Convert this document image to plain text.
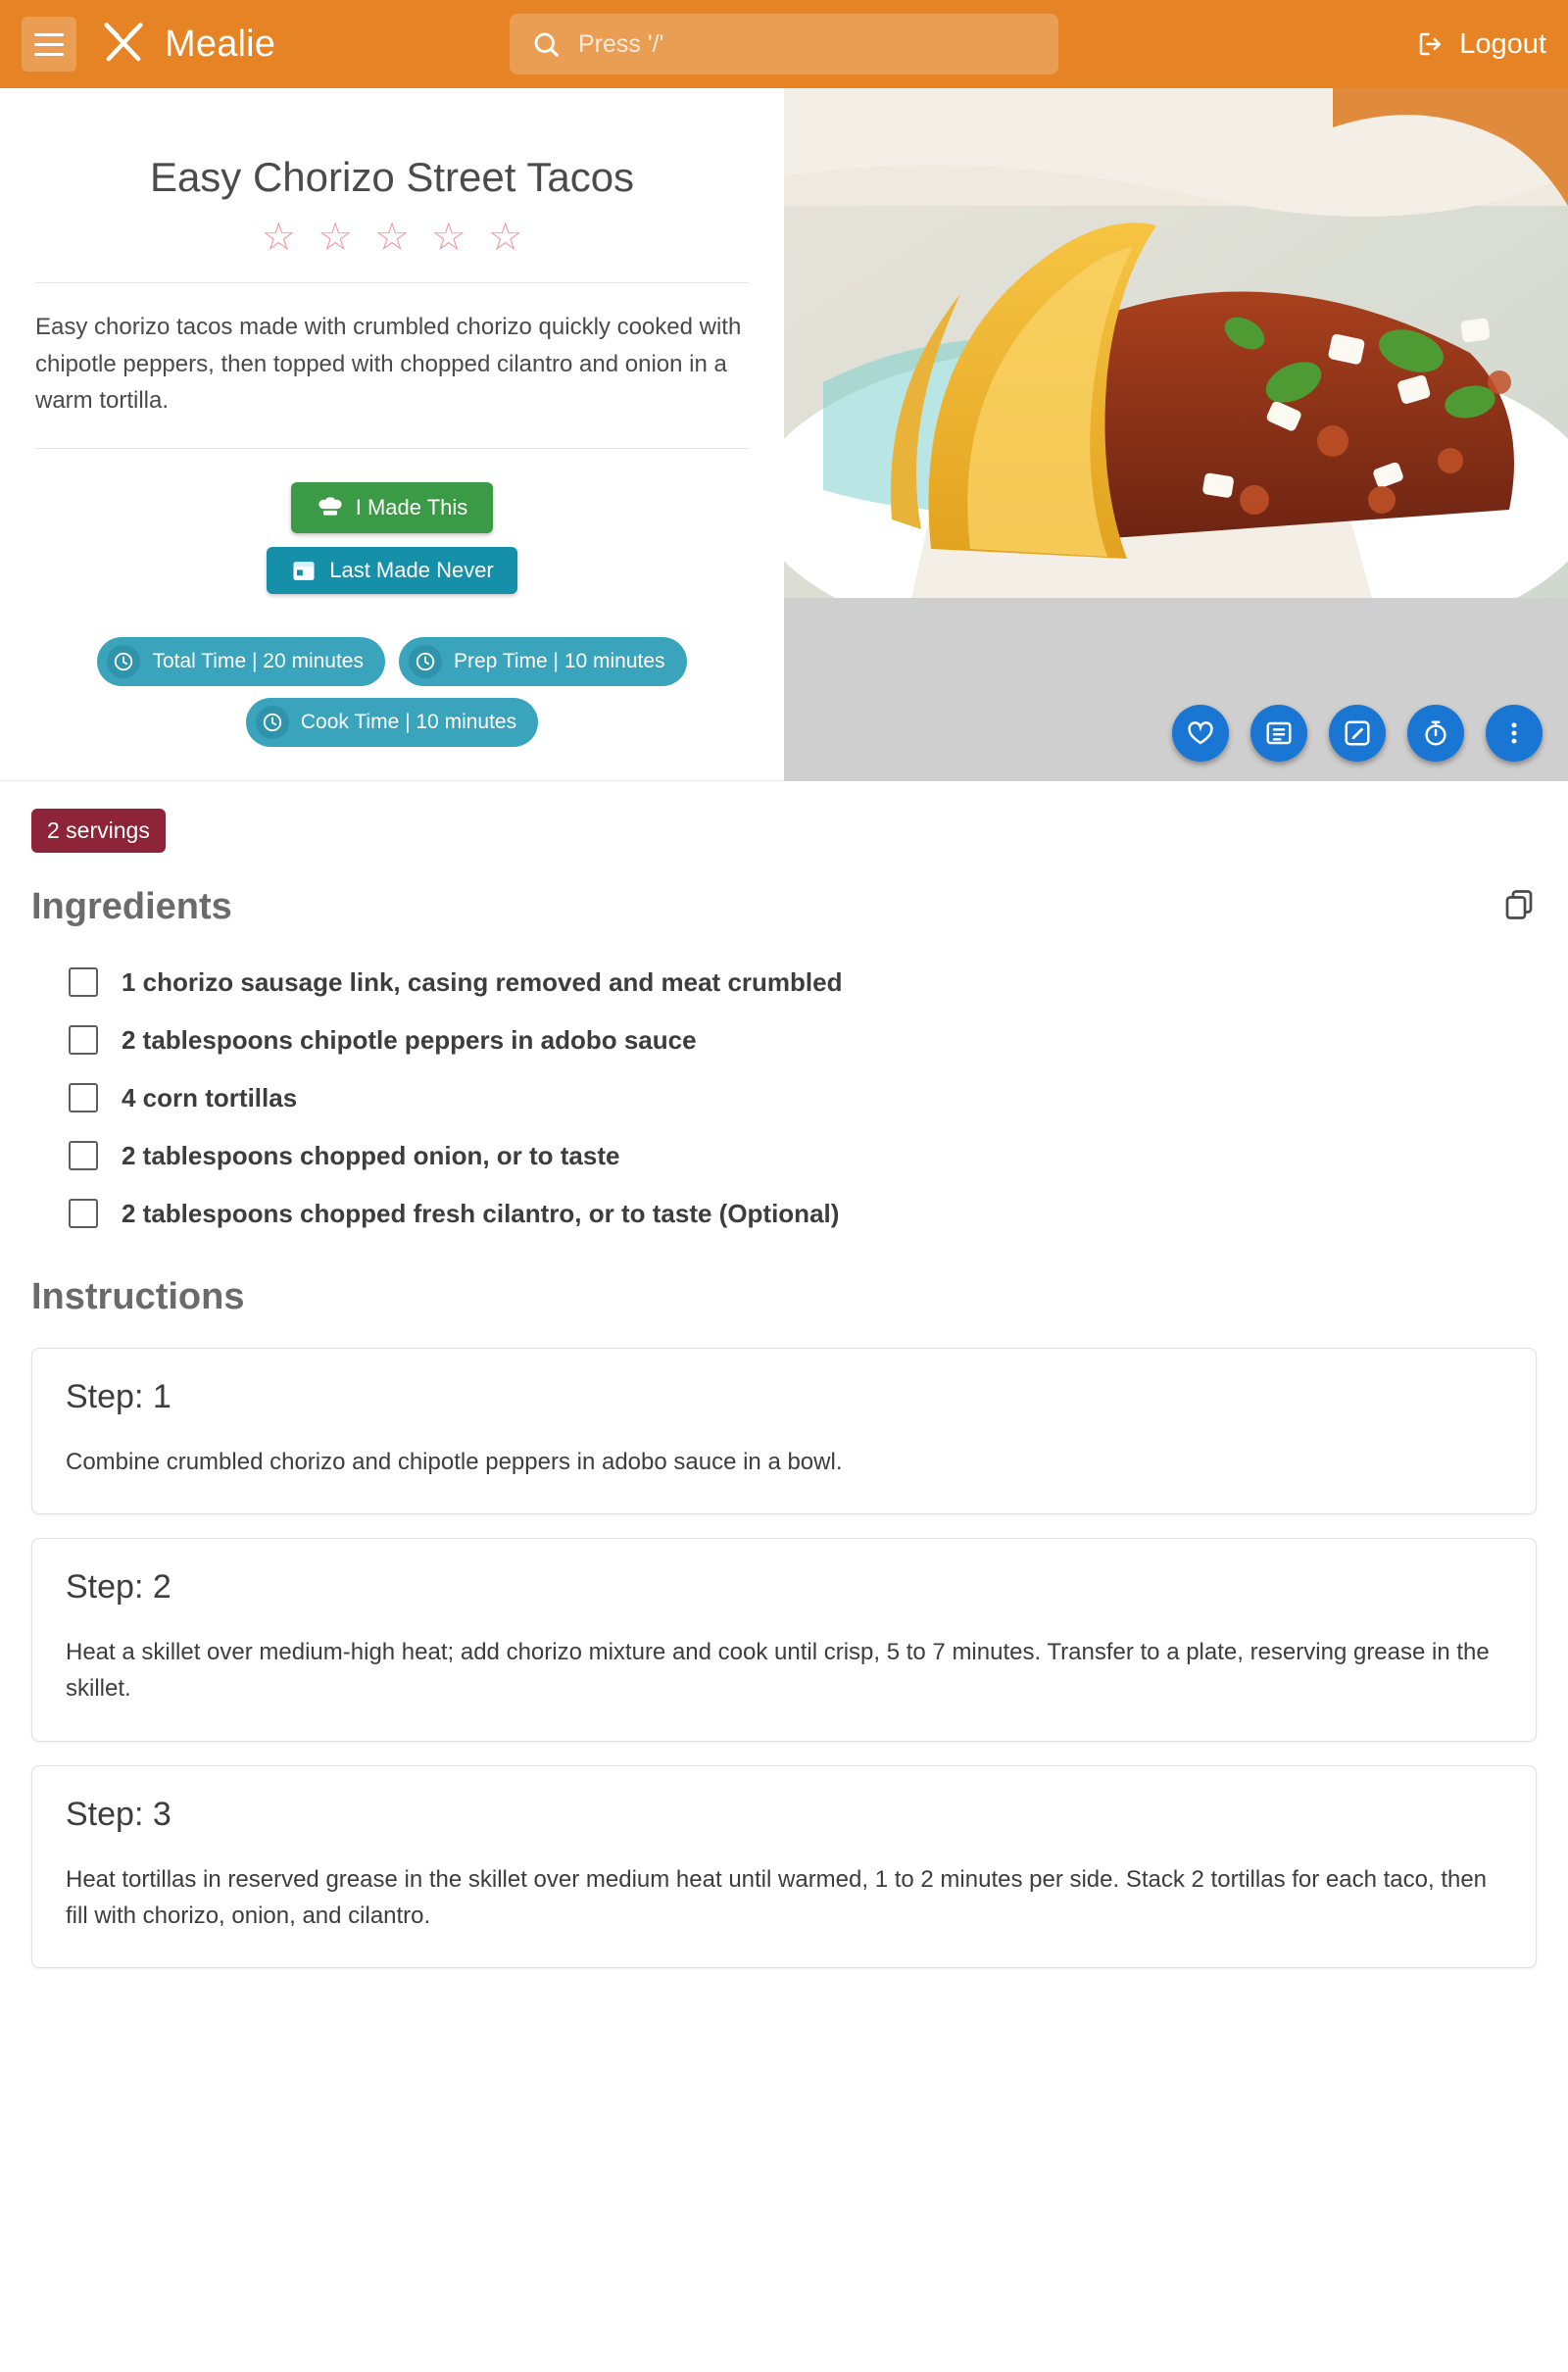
Mealie
Press '/'	Logout
Easy Chorizo Street Tacos
☆ ☆ ☆ ☆ ☆

Easy chorizo tacos made with crumbled chorizo quickly cooked with chipotle peppers, then topped with chopped cilantro and onion in a warm tortilla.

I Made This
Last Made Never
Total Time | 20 minutes	Prep Time | 10 minutes
Cook Time | 10 minutes
2 servings
Ingredients
1 chorizo sausage link, casing removed and meat crumbled
2 tablespoons chipotle peppers in adobo sauce
4 corn tortillas
2 tablespoons chopped onion, or to taste
2 tablespoons chopped fresh cilantro, or to taste (Optional)
Instructions
Step: 1
Combine crumbled chorizo and chipotle peppers in adobo sauce in a bowl.
Step: 2
Heat a skillet over medium-high heat; add chorizo mixture and cook until crisp, 5 to 7 minutes. Transfer to a plate, reserving grease in the skillet.
Step: 3
Heat tortillas in reserved grease in the skillet over medium heat until warmed, 1 to 2 minutes per side. Stack 2 tortillas for each taco, then fill with chorizo, onion, and cilantro.
